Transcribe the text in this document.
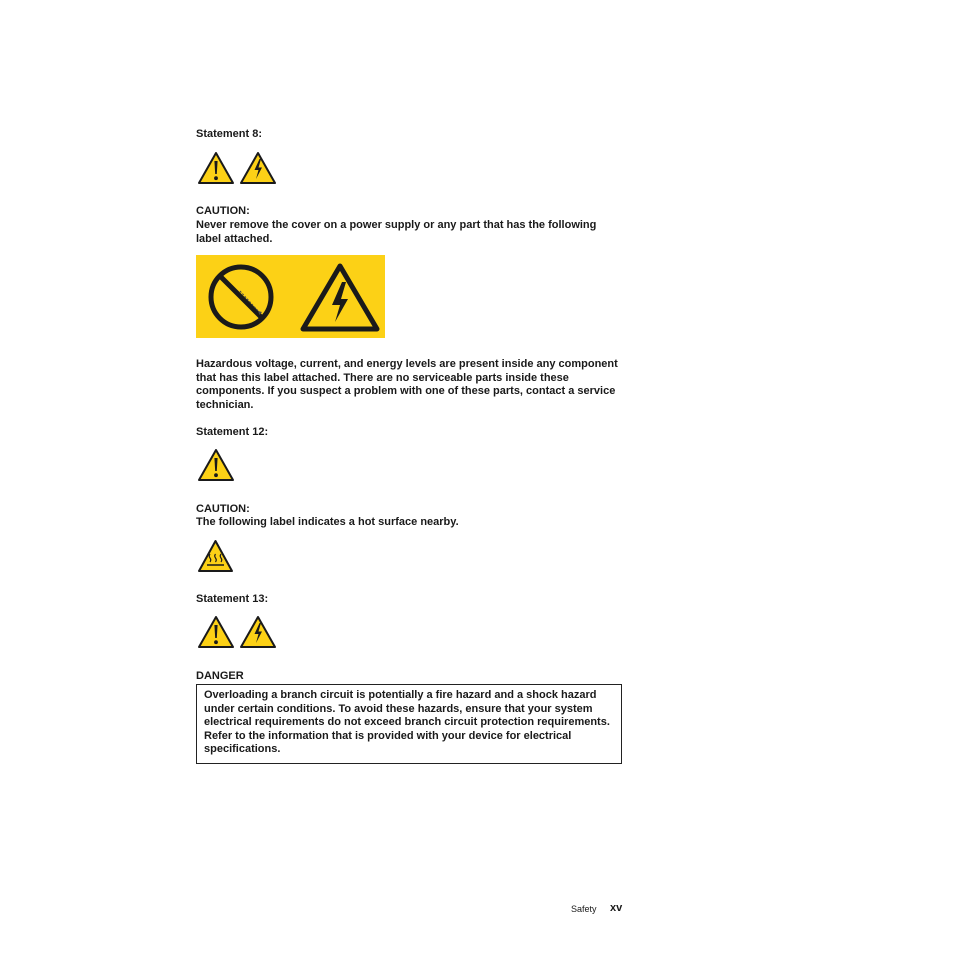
Statement 8:
CAUTION:
Never remove the cover on a power supply or any part that has the following label attached.
Hazardous voltage, current, and energy levels are present inside any component that has this label attached. There are no serviceable parts inside these components. If you suspect a problem with one of these parts, contact a service technician.
Statement 12:
CAUTION:
The following label indicates a hot surface nearby.
Statement 13:
DANGER
Overloading a branch circuit is potentially a fire hazard and a shock hazard under certain conditions. To avoid these hazards, ensure that your system electrical requirements do not exceed branch circuit protection requirements. Refer to the information that is provided with your device for electrical specifications.
Safety xv
